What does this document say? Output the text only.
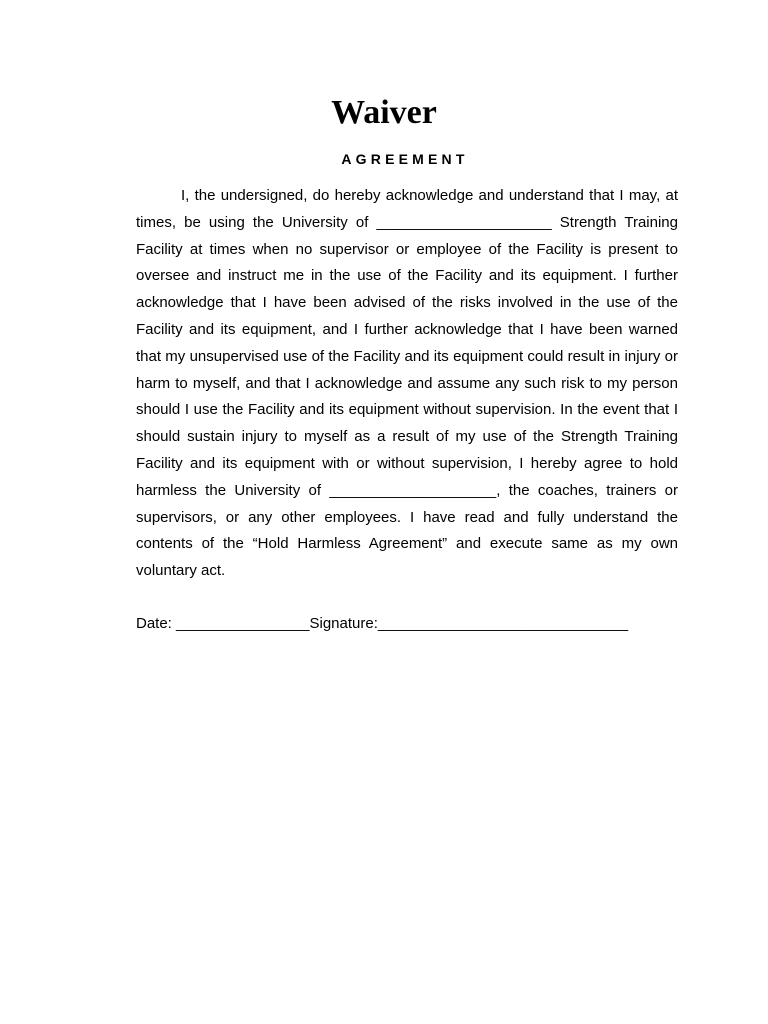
Waiver
AGREEMENT

I, the undersigned, do hereby acknowledge and understand that I may, at times, be using the University of _____________________ Strength Training Facility at times when no supervisor or employee of the Facility is present to oversee and instruct me in the use of the Facility and its equipment. I further acknowledge that I have been advised of the risks involved in the use of the Facility and its equipment, and I further acknowledge that I have been warned that my unsupervised use of the Facility and its equipment could result in injury or harm to myself, and that I acknowledge and assume any such risk to my person should I use the Facility and its equipment without supervision. In the event that I should sustain injury to myself as a result of my use of the Strength Training Facility and its equipment with or without supervision, I hereby agree to hold harmless the University of ____________________, the coaches, trainers or supervisors, or any other employees. I have read and fully understand the contents of the “Hold Harmless Agreement” and execute same as my own voluntary act.

Date: ________________Signature:______________________________
